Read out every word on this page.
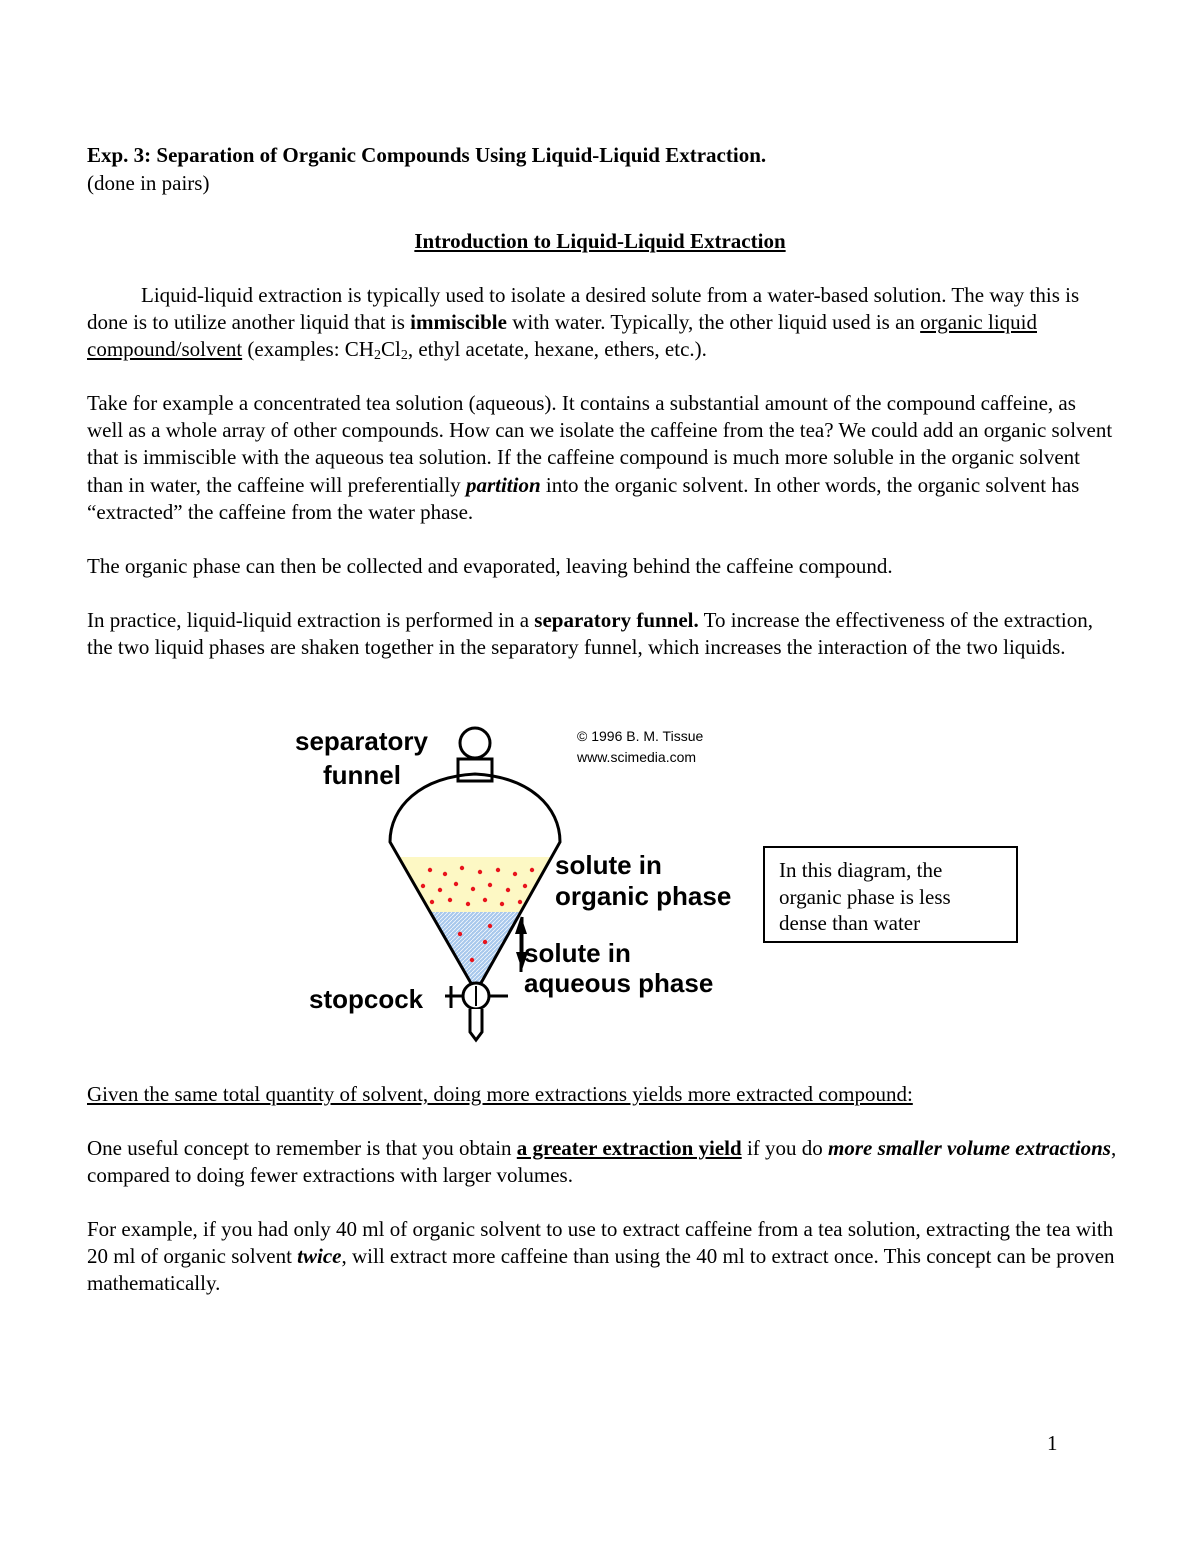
Exp. 3: Separation of Organic Compounds Using Liquid-Liquid Extraction.

(done in pairs)

Introduction to Liquid-Liquid Extraction

Liquid-liquid extraction is typically used to isolate a desired solute from a water-based solution. The way this is done is to utilize another liquid that is immiscible with water. Typically, the other liquid used is an organic liquid compound/solvent (examples: $CH_2Cl_2$, ethyl acetate, hexane, ethers, etc.).

Take for example a concentrated tea solution (aqueous). It contains a substantial amount of the compound caffeine, as well as a whole array of other compounds. How can we isolate the caffeine from the tea? We could add an organic solvent that is immiscible with the aqueous tea solution. If the caffeine compound is much more soluble in the organic solvent than in water, the caffeine will preferentially partition into the organic solvent. In other words, the organic solvent has “extracted” the caffeine from the water phase.

The organic phase can then be collected and evaporated, leaving behind the caffeine compound.

In practice, liquid-liquid extraction is performed in a separatory funnel. To increase the effectiveness of the extraction, the two liquid phases are shaken together in the separatory funnel, which increases the interaction of the two liquids.

separatory
funnel
© 1996 B. M. Tissue
www.scimedia.com
stopcock
solute in
organic phase
solute in
aqueous phase
In this diagram, the organic phase is less dense than water

Given the same total quantity of solvent, doing more extractions yields more extracted compound:

One useful concept to remember is that you obtain a greater extraction yield if you do more smaller volume extractions, compared to doing fewer extractions with larger volumes.

For example, if you had only 40 ml of organic solvent to use to extract caffeine from a tea solution, extracting the tea with 20 ml of organic solvent twice, will extract more caffeine than using the 40 ml to extract once. This concept can be proven mathematically.

1
